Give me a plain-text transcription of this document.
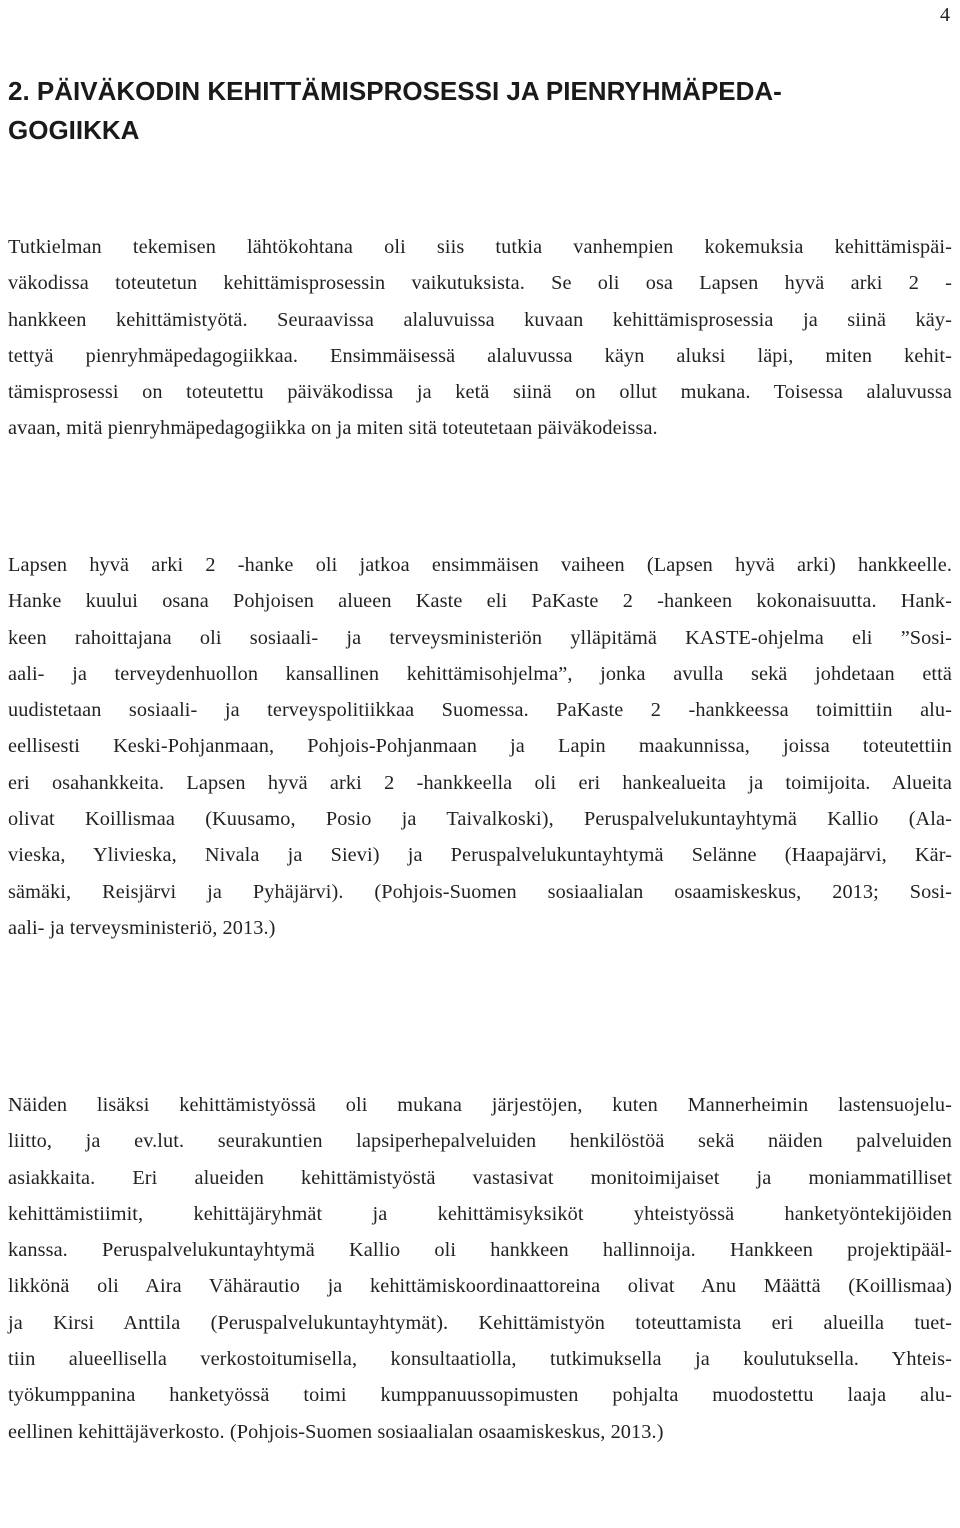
4
2. PÄIVÄKODIN KEHITTÄMISPROSESSI JA PIENRYHMÄPEDA-
GOGIIKKA

Tutkielman tekemisen lähtökohtana oli siis tutkia vanhempien kokemuksia kehittämispäi-
väkodissa toteutetun kehittämisprosessin vaikutuksista. Se oli osa Lapsen hyvä arki 2 -
hankkeen kehittämistyötä. Seuraavissa alaluvuissa kuvaan kehittämisprosessia ja siinä käy-
tettyä pienryhmäpedagogiikkaa. Ensimmäisessä alaluvussa käyn aluksi läpi, miten kehit-
tämisprosessi on toteutettu päiväkodissa ja ketä siinä on ollut mukana. Toisessa alaluvussa
avaan, mitä pienryhmäpedagogiikka on ja miten sitä toteutetaan päiväkodeissa.

Lapsen hyvä arki 2 -hanke oli jatkoa ensimmäisen vaiheen (Lapsen hyvä arki) hankkeelle.
Hanke kuului osana Pohjoisen alueen Kaste eli PaKaste 2 -hankeen kokonaisuutta. Hank-
keen rahoittajana oli sosiaali- ja terveysministeriön ylläpitämä KASTE-ohjelma eli ”Sosi-
aali- ja terveydenhuollon kansallinen kehittämisohjelma”, jonka avulla sekä johdetaan että
uudistetaan sosiaali- ja terveyspolitiikkaa Suomessa. PaKaste 2 -hankkeessa toimittiin alu-
eellisesti Keski-Pohjanmaan, Pohjois-Pohjanmaan ja Lapin maakunnissa, joissa toteutettiin
eri osahankkeita. Lapsen hyvä arki 2 -hankkeella oli eri hankealueita ja toimijoita. Alueita
olivat Koillismaa (Kuusamo, Posio ja Taivalkoski), Peruspalvelukuntayhtymä Kallio (Ala-
vieska, Ylivieska, Nivala ja Sievi) ja Peruspalvelukuntayhtymä Selänne (Haapajärvi, Kär-
sämäki, Reisjärvi ja Pyhäjärvi). (Pohjois-Suomen sosiaalialan osaamiskeskus, 2013; Sosi-
aali- ja terveysministeriö, 2013.)

Näiden lisäksi kehittämistyössä oli mukana järjestöjen, kuten Mannerheimin lastensuojelu-
liitto, ja ev.lut. seurakuntien lapsiperhepalveluiden henkilöstöä sekä näiden palveluiden
asiakkaita. Eri alueiden kehittämistyöstä vastasivat monitoimijaiset ja moniammatilliset
kehittämistiimit, kehittäjäryhmät ja kehittämisyksiköt yhteistyössä hanketyöntekijöiden
kanssa. Peruspalvelukuntayhtymä Kallio oli hankkeen hallinnoija. Hankkeen projektipääl-
likkönä oli Aira Vähärautio ja kehittämiskoordinaattoreina olivat Anu Määttä (Koillismaa)
ja Kirsi Anttila (Peruspalvelukuntayhtymät). Kehittämistyön toteuttamista eri alueilla tuet-
tiin alueellisella verkostoitumisella, konsultaatiolla, tutkimuksella ja koulutuksella. Yhteis-
työkumppanina hanketyössä toimi kumppanuussopimusten pohjalta muodostettu laaja alu-
eellinen kehittäjäverkosto. (Pohjois-Suomen sosiaalialan osaamiskeskus, 2013.)
